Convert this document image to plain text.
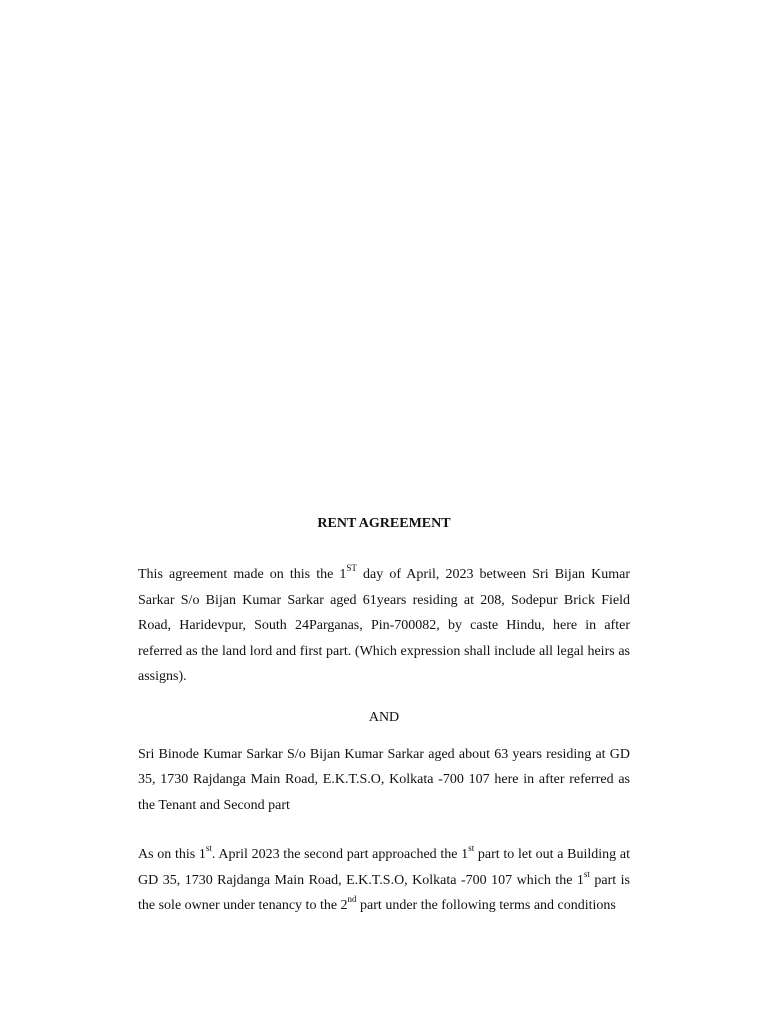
RENT AGREEMENT

This agreement made on this the 1ST day of April, 2023 between Sri Bijan Kumar Sarkar S/o Bijan Kumar Sarkar aged 61years residing at 208, Sodepur Brick Field Road, Haridevpur, South 24Parganas, Pin-700082, by caste Hindu, here in after referred as the land lord and first part. (Which expression shall include all legal heirs as assigns).

AND

Sri Binode Kumar Sarkar S/o Bijan Kumar Sarkar aged about 63 years residing at GD 35, 1730 Rajdanga Main Road, E.K.T.S.O, Kolkata -700 107 here in after referred as the Tenant and Second part

As on this 1st. April 2023 the second part approached the 1st part to let out a Building at GD 35, 1730 Rajdanga Main Road, E.K.T.S.O, Kolkata -700 107 which the 1st part is the sole owner under tenancy to the 2nd part under the following terms and conditions
